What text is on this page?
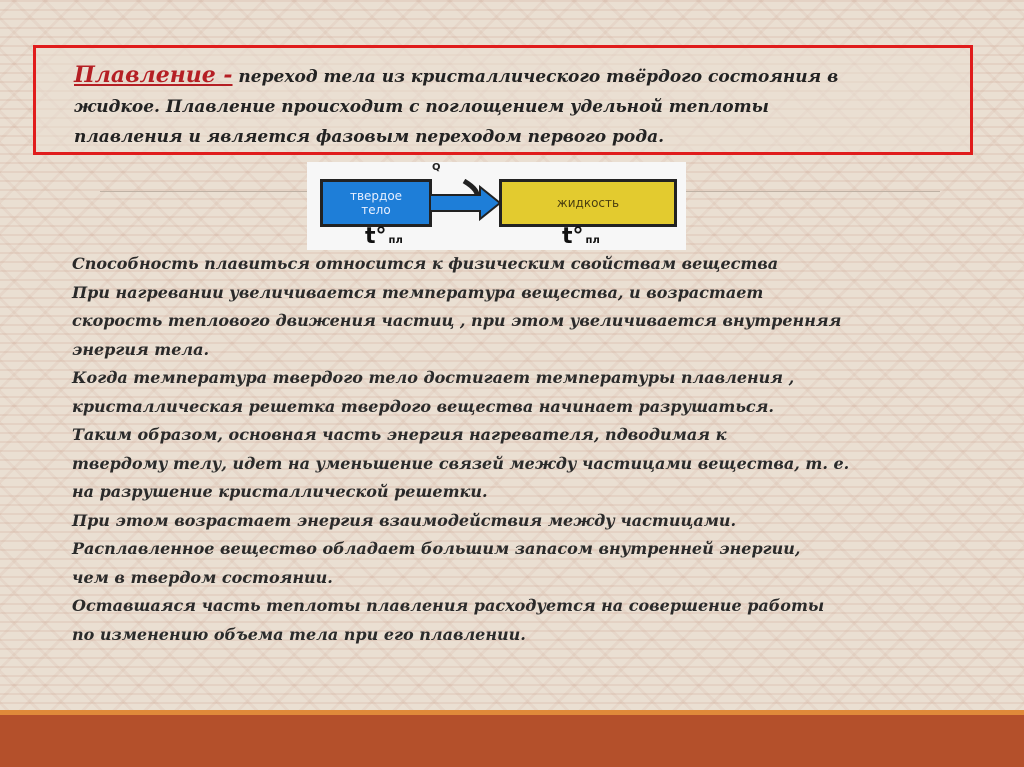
Плавление - переход тела из кристаллического твёрдого состояния в
жидкое. Плавление происходит с поглощением удельной теплоты
плавления и является фазовым переходом первого рода.
твердое
тело
Q
жидкость
t° пл	t° пл

Способность плавиться относится к физическим свойствам вещества

При нагревании увеличивается температура вещества, и возрастает

скорость теплового движения частиц , при этом увеличивается внутренняя

энергия тела.

Когда температура твердого тело достигает температуры плавления ,

кристаллическая решетка твердого вещества начинает разрушаться.

Таким образом, основная часть энергия нагревателя, пдводимая к

твердому телу, идет на уменьшение связей между частицами вещества, т. е.

на разрушение кристаллической решетки.

При этом возрастает энергия взаимодействия между частицами.

Расплавленное вещество обладает большим запасом внутренней энергии,

чем в твердом состоянии.

Оставшаяся часть теплоты плавления расходуется на совершение работы

по изменению объема тела при его плавлении.
